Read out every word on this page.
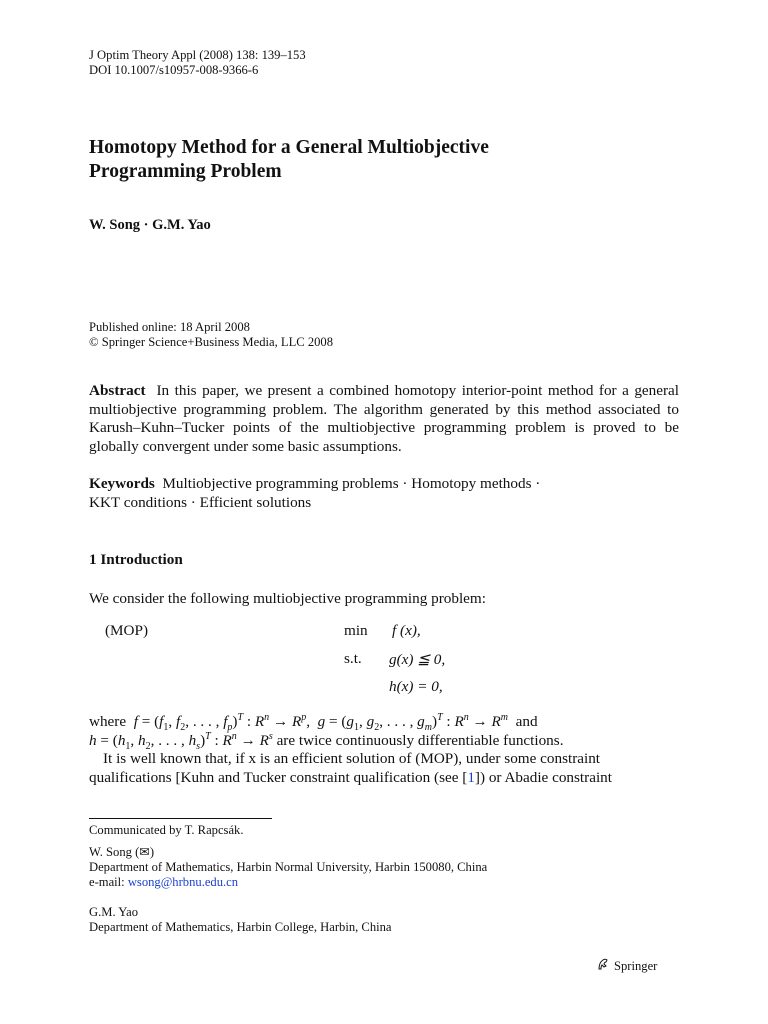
J Optim Theory Appl (2008) 138: 139–153
DOI 10.1007/s10957-008-9366-6
Homotopy Method for a General Multiobjective
Programming Problem
W. Song · G.M. Yao
Published online: 18 April 2008
© Springer Science+Business Media, LLC 2008
Abstract In this paper, we present a combined homotopy interior-point method for a general multiobjective programming problem. The algorithm generated by this method associated to Karush–Kuhn–Tucker points of the multiobjective programming problem is proved to be globally convergent under some basic assumptions.
Keywords Multiobjective programming problems · Homotopy methods ·
KKT conditions · Efficient solutions
1 Introduction
We consider the following multiobjective programming problem:
(MOP)	min f (x),
s.t. g(x) ≦ 0,
h(x) = 0,
where  $f = (f_1$, $f_2$, . . . , $f_p)^T$ : $R^n \to R^p$,  $g = (g_1$, $g_2$, . . . , $g_m)^T$ : $R^n \to R^m$  and
$h = (h_1$, $h_2$, . . . , $h_s)^T$ : $R^n \to R^s$ are twice continuously differentiable functions.
It is well known that, if x is an efficient solution of (MOP), under some constraint
qualifications [Kuhn and Tucker constraint qualification (see [1]) or Abadie constraint
Communicated by T. Rapcsák.
W. Song (✉)
Department of Mathematics, Harbin Normal University, Harbin 150080, China
e-mail: wsong@hrbnu.edu.cn
G.M. Yao
Department of Mathematics, Harbin College, Harbin, China
Springer
